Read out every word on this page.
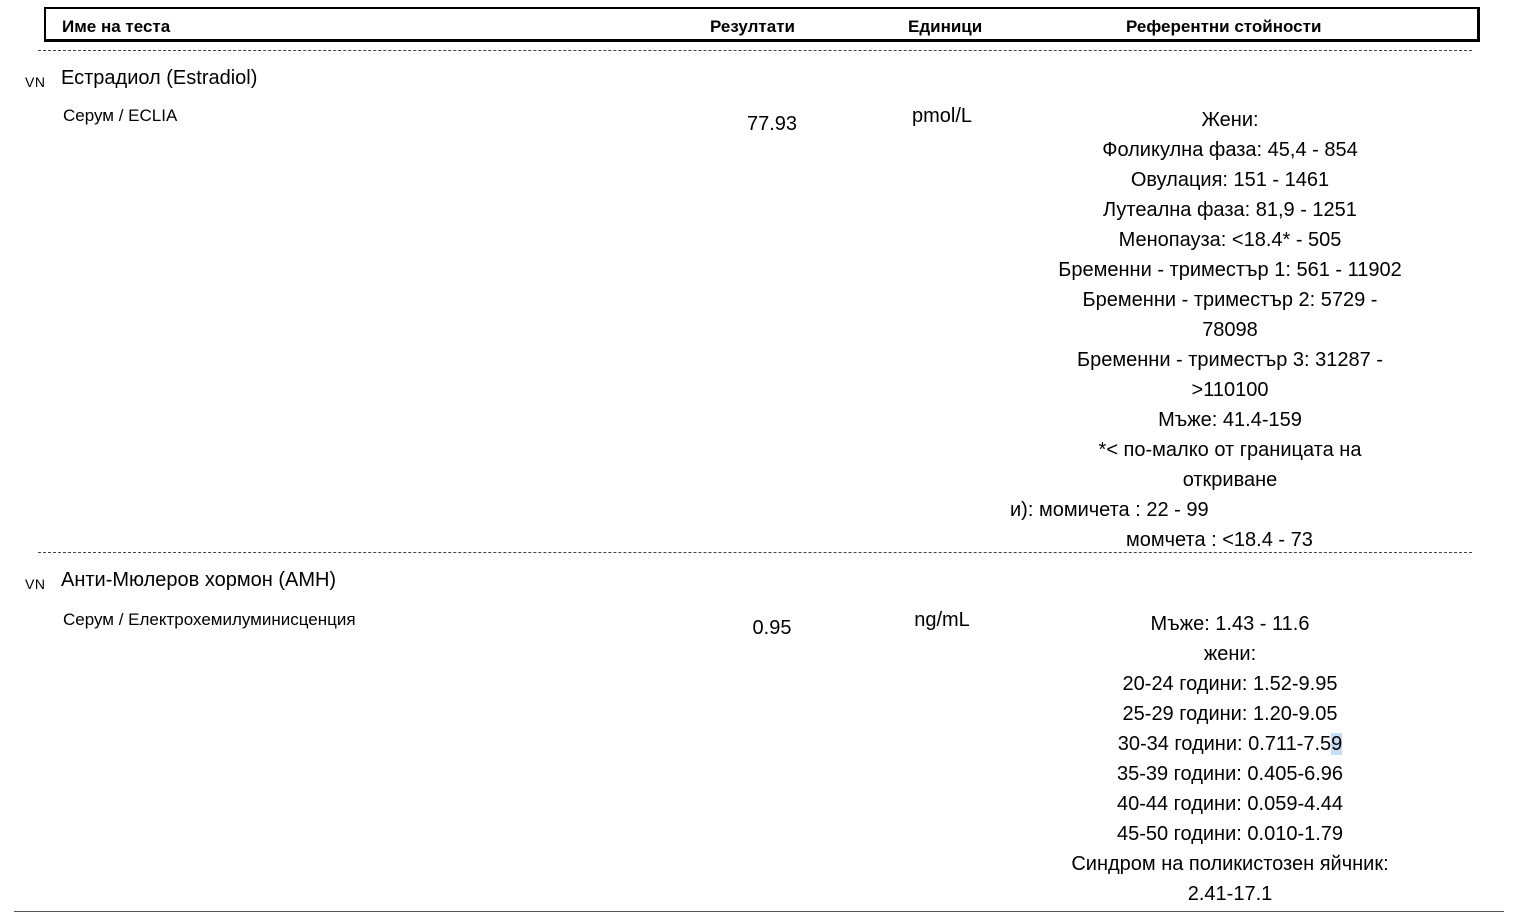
Име на теста	Резултати	Единици	Референтни стойности
VN Естрадиол (Estradiol)
Серум / ECLIA	77.93	pmol/L	Жени:
Фоликулна фаза: 45,4 - 854
Овулация: 151 - 1461
Лутеална фаза: 81,9 - 1251
Менопауза: <18.4* - 505
Бременни - триместър 1: 561 - 11902
Бременни - триместър 2: 5729 -
78098
Бременни - триместър 3: 31287 -
>110100
Мъже: 41.4-159
*< по-малко от границата на
откриване
и): момичета : 22 - 99
момчета : <18.4 - 73
VN Анти-Мюлеров хормон (AMH)
Серум / Електрохемилуминисценция	0.95	ng/mL	Мъже: 1.43 - 11.6
жени:
20-24 години: 1.52-9.95
25-29 години: 1.20-9.05
30-34 години: 0.711-7.59
35-39 години: 0.405-6.96
40-44 години: 0.059-4.44
45-50 години: 0.010-1.79
Синдром на поликистозен яйчник:
2.41-17.1
